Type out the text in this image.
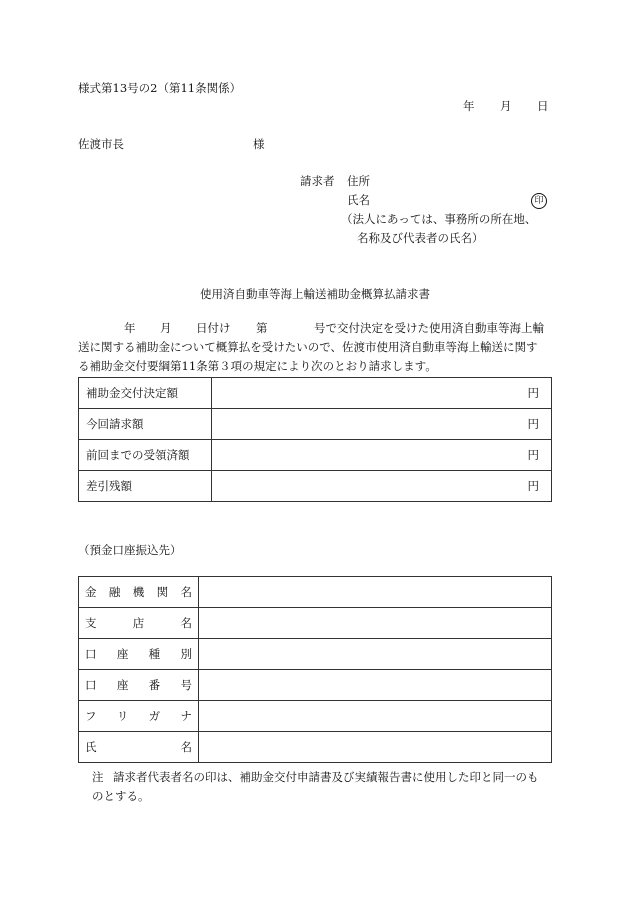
様式第13号の2（第11条関係）
年 月 日
佐渡市長	様
請求者 住所
氏名	印
（法人にあっては、事務所の所在地、
名称及び代表者の氏名）
使用済自動車等海上輸送補助金概算払請求書
年 月 日付け 第	号で交付決定を受けた使用済自動車等海上輸
送に関する補助金について概算払を受けたいので、佐渡市使用済自動車等海上輸送に関す
る補助金交付要綱第11条第３項の規定により次のとおり請求します。
補助金交付決定額	円
今回請求額	円
前回までの受領済額	円
差引残額	円
（預金口座振込先）
金 融 機 関 名	

支 店 名	

口 座 種 別	

口 座 番 号	

フ リ ガ ナ	

氏 名	

注 請求者代表者名の印は、補助金交付申請書及び実績報告書に使用した印と同一のも
のとする。
